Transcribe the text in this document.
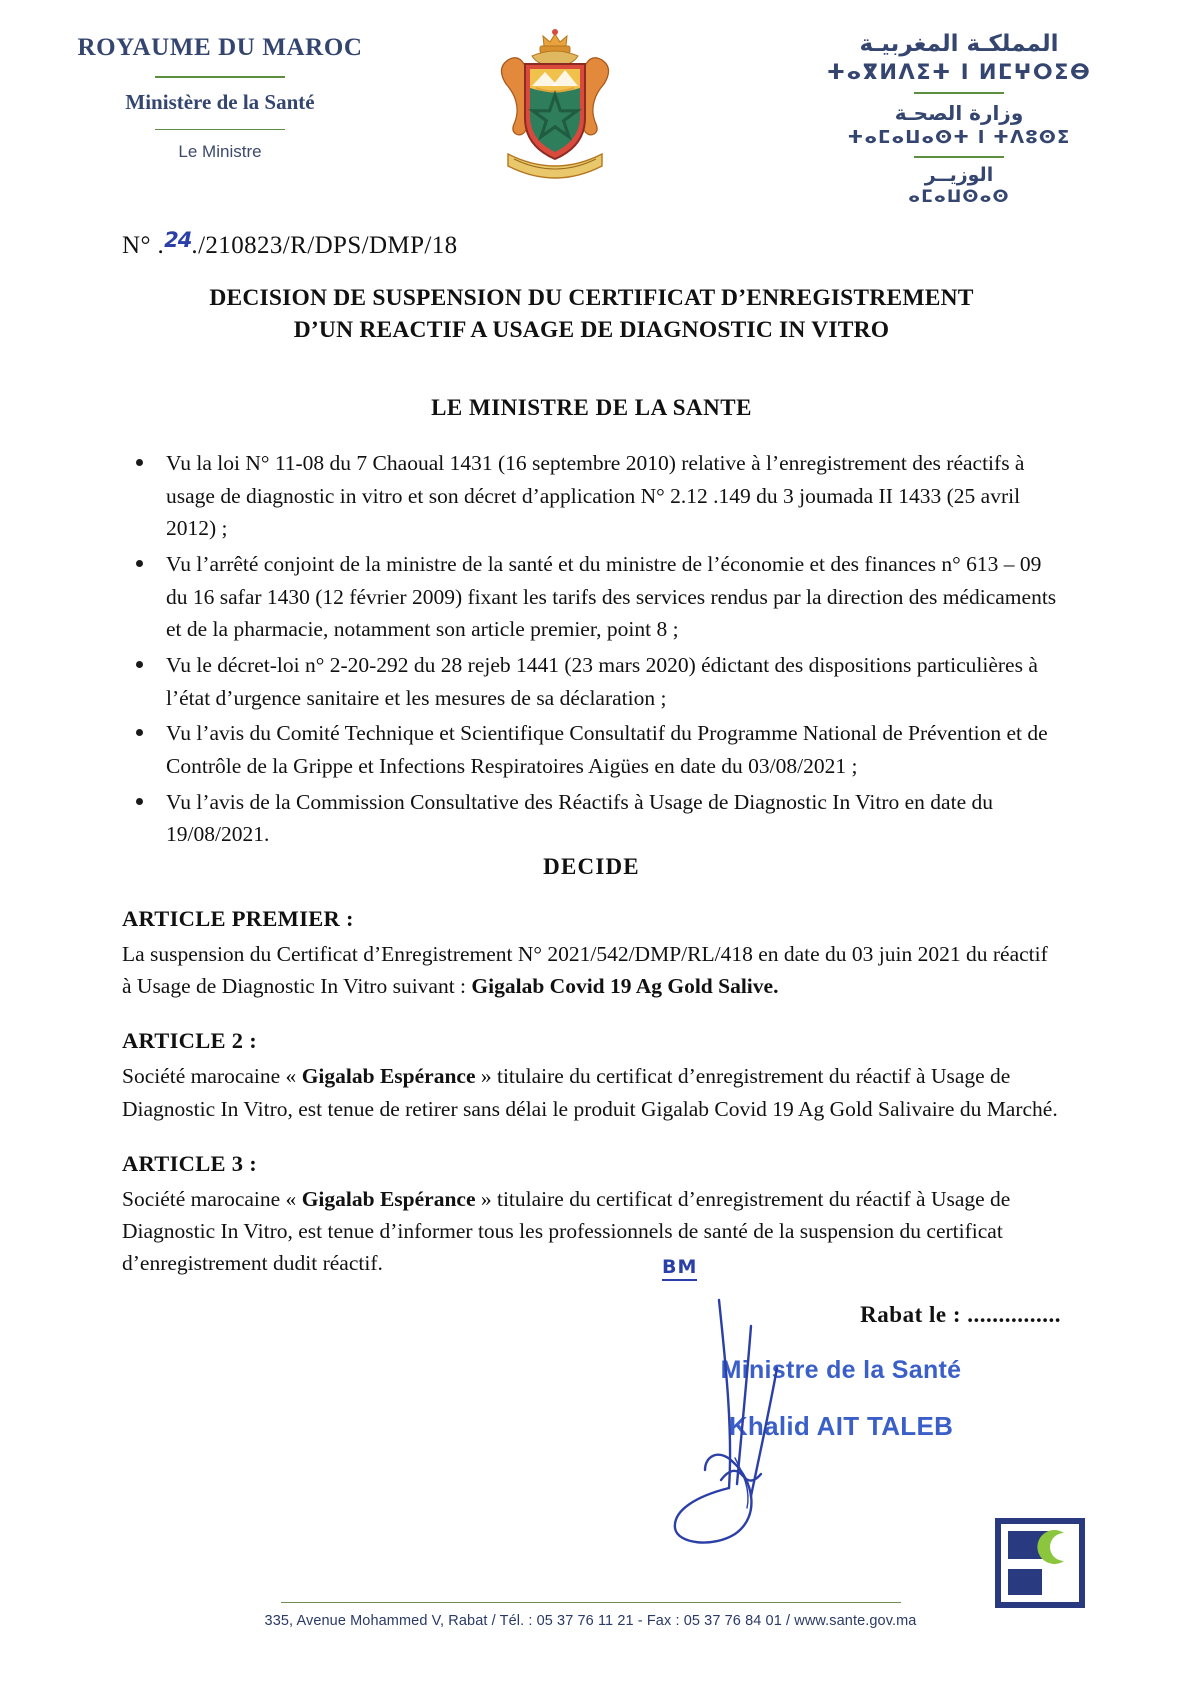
ROYAUME DU MAROC
Ministère de la Santé
Le Ministre
المملكـة المغربيـة
ⵜⴰⴳⵍⴷⵉⵜ ⵏ ⵍⵎⵖⵔⵉⴱ
وزارة الصحـة
ⵜⴰⵎⴰⵡⴰⵙⵜ ⵏ ⵜⴷⵓⵙⵉ
الوزيــر
ⴰⵎⴰⵡⵙⴰⵙ
N° .$^{24}$./210823/R/DPS/DMP/18
DECISION DE SUSPENSION DU CERTIFICAT D’ENREGISTREMENT
D’UN REACTIF A USAGE DE DIAGNOSTIC IN VITRO
LE MINISTRE DE LA SANTE
Vu la loi N° 11-08 du 7 Chaoual 1431 (16 septembre 2010) relative à l’enregistrement des réactifs à usage de diagnostic in vitro et son décret d’application N° 2.12 .149 du 3 joumada II 1433 (25 avril 2012) ;
Vu l’arrêté conjoint de la ministre de la santé et du ministre de l’économie et des finances n° 613 – 09 du 16 safar 1430 (12 février 2009) fixant les tarifs des services rendus par la direction des médicaments et de la pharmacie, notamment son article premier, point 8 ;
Vu le décret-loi n° 2-20-292 du 28 rejeb 1441 (23 mars 2020) édictant des dispositions particulières à l’état d’urgence sanitaire et les mesures de sa déclaration ;
Vu l’avis du Comité Technique et Scientifique Consultatif du Programme National de Prévention et de Contrôle de la Grippe et Infections Respiratoires Aigües en date du 03/08/2021 ;
Vu l’avis de la Commission Consultative des Réactifs à Usage de Diagnostic In Vitro en date du 19/08/2021.
DECIDE
ARTICLE PREMIER :
La suspension du Certificat d’Enregistrement N° 2021/542/DMP/RL/418 en date du 03 juin 2021 du réactif à Usage de Diagnostic In Vitro suivant : Gigalab Covid 19 Ag Gold Salive.
ARTICLE 2 :
Société marocaine « Gigalab Espérance » titulaire du certificat d’enregistrement du réactif à Usage de Diagnostic In Vitro, est tenue de retirer sans délai le produit Gigalab Covid 19 Ag Gold Salivaire du Marché.
ARTICLE 3 :
Société marocaine « Gigalab Espérance » titulaire du certificat d’enregistrement du réactif à Usage de Diagnostic In Vitro, est tenue d’informer tous les professionnels de santé de la suspension du certificat d’enregistrement dudit réactif.	BM
Rabat le : ...............
Ministre de la Santé
Khalid AIT TALEB
335, Avenue Mohammed V, Rabat / Tél. : 05 37 76 11 21 - Fax : 05 37 76 84 01 / www.sante.gov.ma
